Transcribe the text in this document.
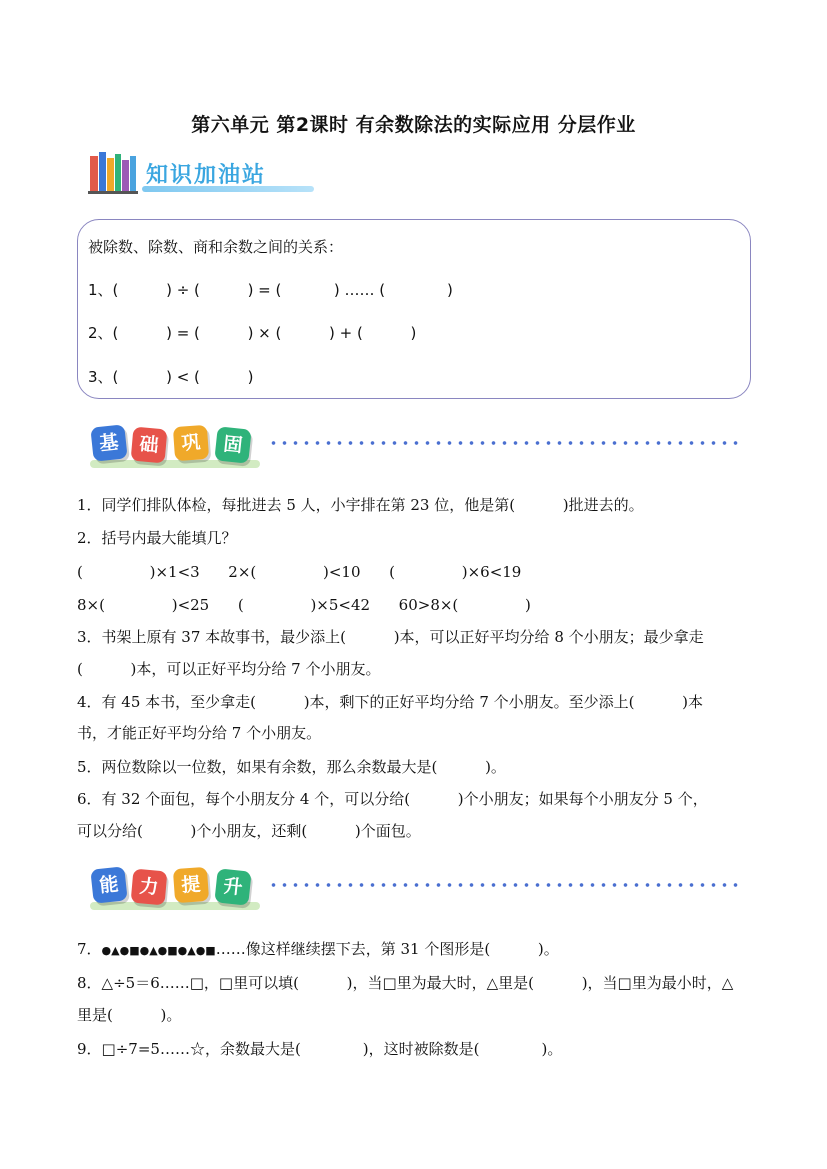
第六单元 第2课时 有余数除法的实际应用 分层作业
知识加油站
被除数、除数、商和余数之间的关系：
1、(          ) ÷ (          ) = (           ) …… (             )
2、(          ) = (          ) × (          ) + (          )
3、(          ) < (          )
基 础	巩	固
1．同学们排队体检，每批进去 5 人，小宇排在第 23 位，他是第(          )批进去的。
2．括号内最大能填几？
(              )×1<3      2×(              )<10      (              )×6<19
8×(              )<25      (              )×5<42      60>8×(              )
3．书架上原有 37 本故事书，最少添上(          )本，可以正好平均分给 8 个小朋友；最少拿走
(          )本，可以正好平均分给 7 个小朋友。
4．有 45 本书，至少拿走(          )本，剩下的正好平均分给 7 个小朋友。至少添上(          )本
书，才能正好平均分给 7 个小朋友。
5．两位数除以一位数，如果有余数，那么余数最大是(          )。
6．有 32 个面包，每个小朋友分 4 个，可以分给(          )个小朋友；如果每个小朋友分 5 个，
可以分给(          )个小朋友，还剩(          )个面包。
能 力	提	升
7．●▲●■●▲●■●▲●■……像这样继续摆下去，第 31 个图形是(          )。
8．△÷5＝6……□，□里可以填(          )，当□里为最大时，△里是(          )，当□里为最小时，△
里是(          )。
9．□÷7=5……☆，余数最大是(             )，这时被除数是(             )。
